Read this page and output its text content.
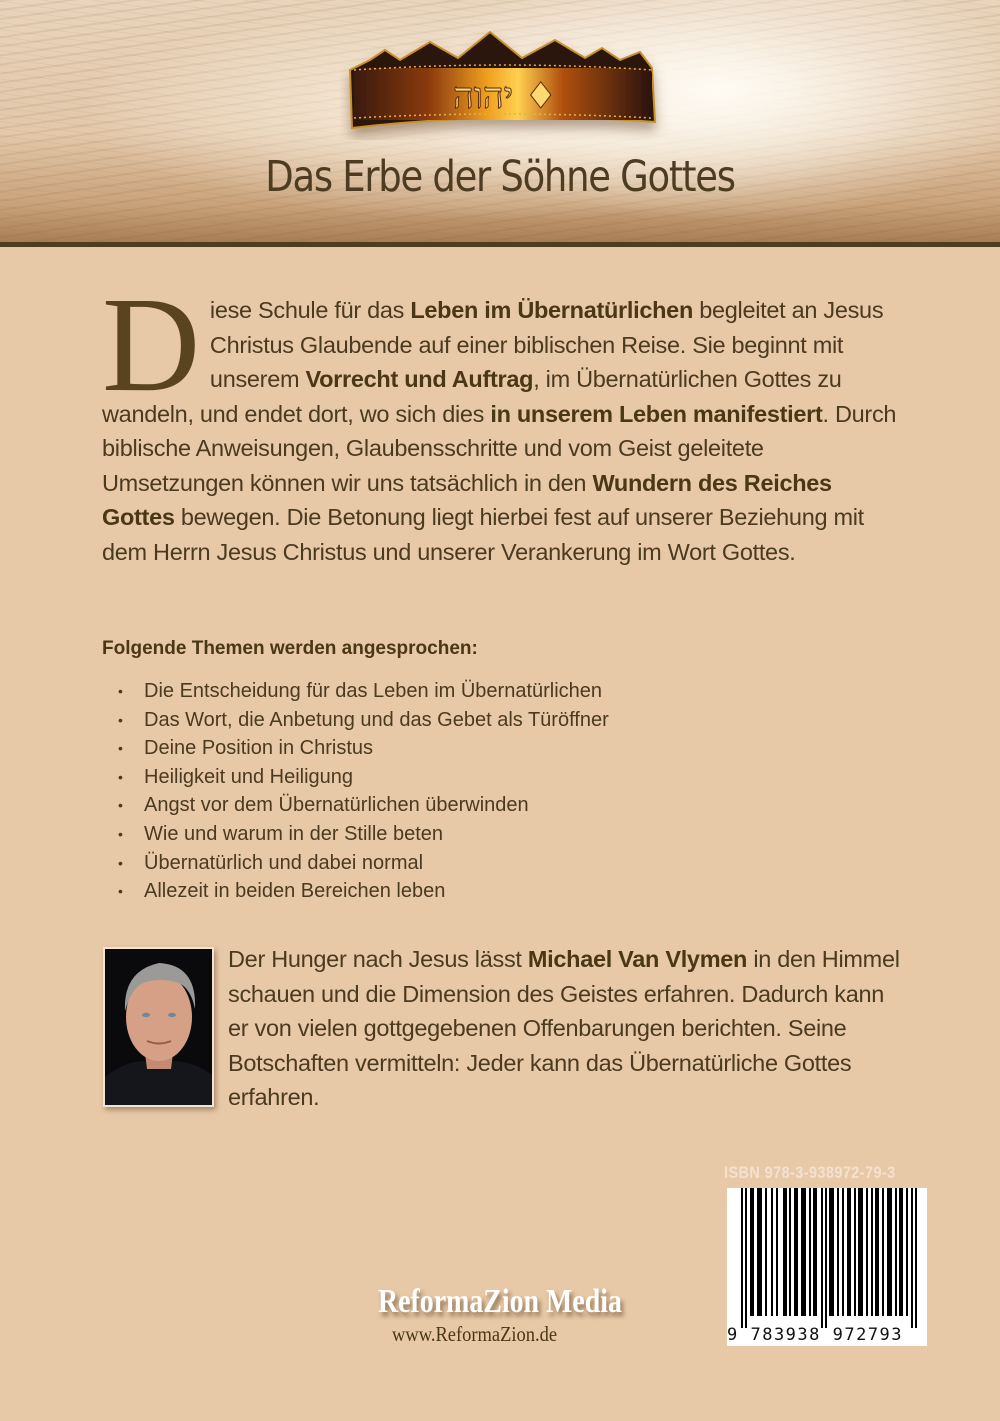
יהוה ♦
Das Erbe der Söhne Gottes
Diese Schule für das Leben im Übernatürlichen begleitet an Jesus Christus Glaubende auf einer biblischen Reise. Sie beginnt mit unserem Vorrecht und Auftrag, im Übernatürlichen Gottes zu wandeln, und endet dort, wo sich dies in unserem Leben manifestiert. Durch biblische Anweisungen, Glaubensschritte und vom Geist geleitete Umsetzungen können wir uns tatsächlich in den Wundern des Reiches Gottes bewegen. Die Betonung liegt hierbei fest auf unserer Beziehung mit dem Herrn Jesus Christus und unserer Verankerung im Wort Gottes.
Folgende Themen werden angesprochen:
•	Die Entscheidung für das Leben im Übernatürlichen
•	Das Wort, die Anbetung und das Gebet als Türöffner
•	Deine Position in Christus
•	Heiligkeit und Heiligung
•	Angst vor dem Übernatürlichen überwinden
•	Wie und warum in der Stille beten
•	Übernatürlich und dabei normal
•	Allezeit in beiden Bereichen leben
Der Hunger nach Jesus lässt Michael Van Vlymen in den Himmel schauen und die Dimension des Geistes erfahren. Dadurch kann er von vielen gottgegebenen Offenbarungen berichten. Seine Botschaften vermitteln: Jeder kann das Übernatürliche Gottes erfahren.
ISBN 978-3-938972-79-3
9 783938 972793
ReformaZion Media
www.ReformaZion.de
